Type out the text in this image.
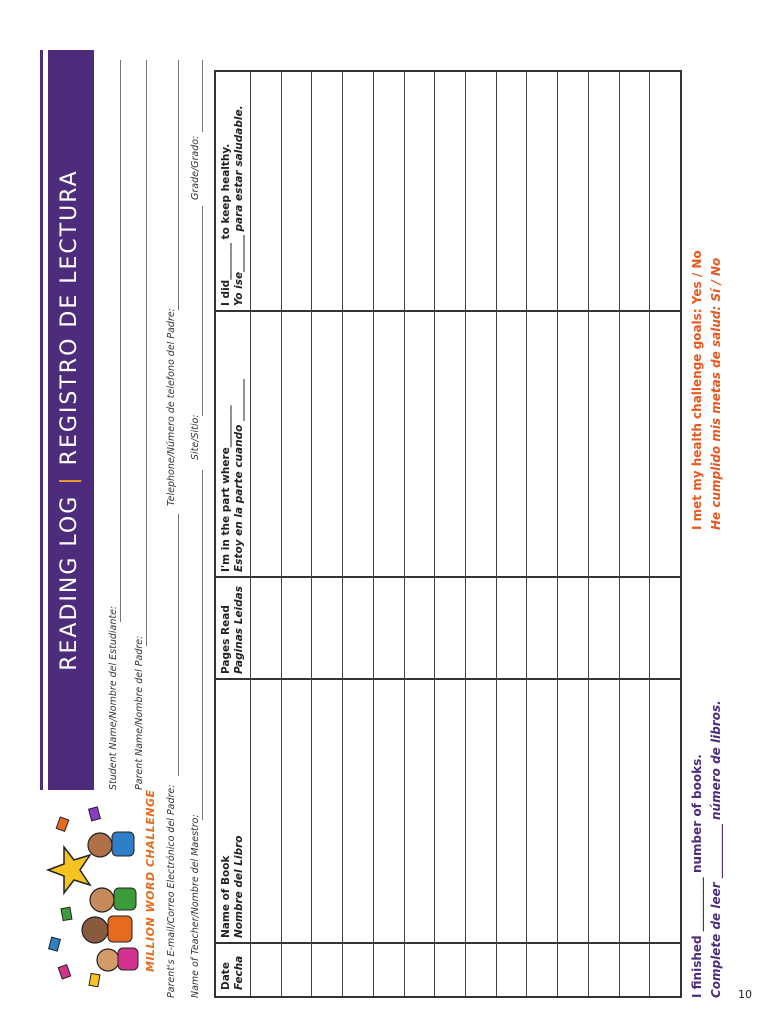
MILLION WORD CHALLENGE
READING LOG|REGISTRO DE LECTURA
Student Name/Nombre del Estudiante: Parent Name/Nombre del Padre:
Parent's E-mail/Correo Electrónico del Padre:
Telephone/Número de telefono del Padre:
Name of Teacher/Nombre del Maestro:
Site/Sitio:
Grade/Grado:
Date Fecha
Name of Book Nombre del Libro
Pages Read Paginas Leidas
I'm in the part where________ Estoy en la parte cuando ________
I did_______ to keep healthy. Yo ise_______ para estar saludable.
I finished _________ number of books. Complete de leer _________ número de libros.
I met my health challenge goals: Yes / No He cumplido mis metas de salud: Sí / No
10
